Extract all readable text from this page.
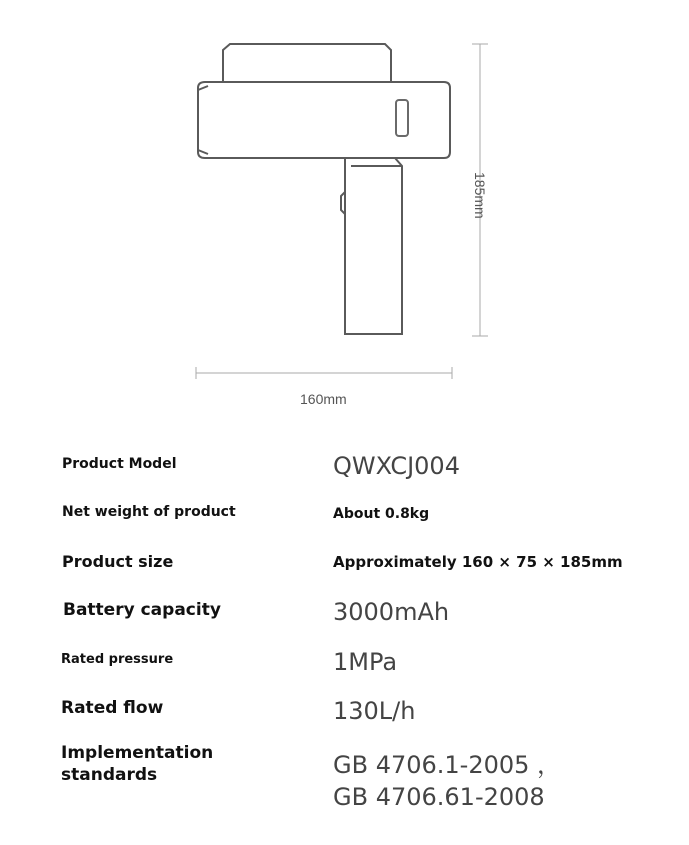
160mm
185mm
Product Model	QWXCJ004
Net weight of product	About 0.8kg
Product size	Approximately 160 × 75 × 185mm
Battery capacity	3000mAh
Rated pressure	1MPa
Rated flow	130L/h
Implementation
standards	GB 4706.1-2005 ，
GB 4706.61-2008
